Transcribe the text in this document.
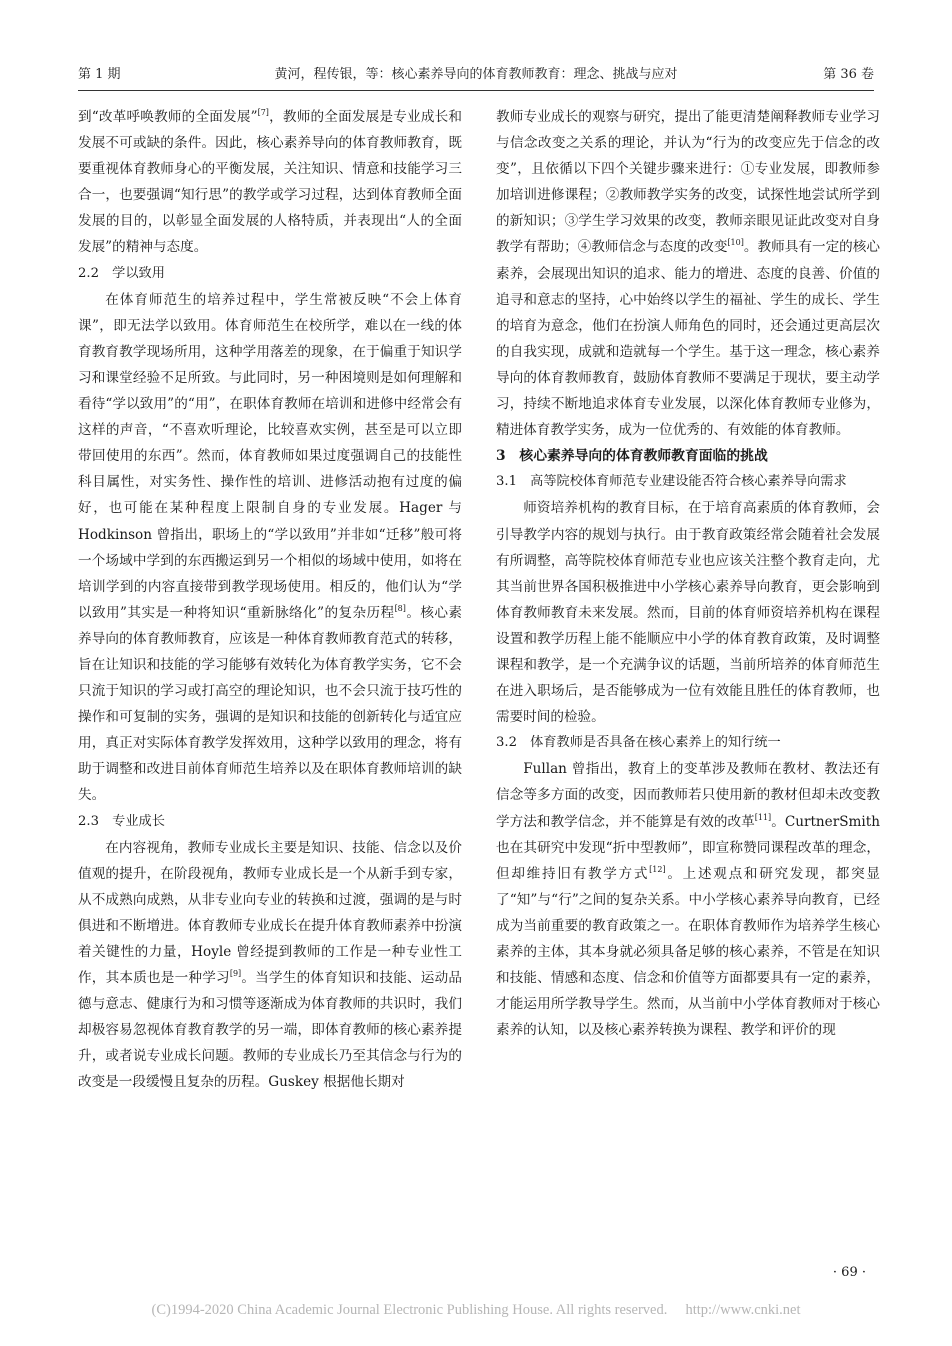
第 1 期	黄河，程传银，等：核心素养导向的体育教师教育：理念、挑战与应对	第 36 卷

到“改革呼唤教师的全面发展”[7]，教师的全面发展是专业成长和发展不可或缺的条件。因此，核心素养导向的体育教师教育，既要重视体育教师身心的平衡发展，关注知识、情意和技能学习三合一，也要强调“知行思”的教学或学习过程，达到体育教师全面发展的目的，以彰显全面发展的人格特质，并表现出“人的全面发展”的精神与态度。

2.2　学以致用

在体育师范生的培养过程中，学生常被反映“不会上体育课”，即无法学以致用。体育师范生在校所学，难以在一线的体育教育教学现场所用，这种学用落差的现象，在于偏重于知识学习和课堂经验不足所致。与此同时，另一种困境则是如何理解和看待“学以致用”的“用”，在职体育教师在培训和进修中经常会有这样的声音，“不喜欢听理论，比较喜欢实例，甚至是可以立即带回使用的东西”。然而，体育教师如果过度强调自己的技能性科目属性，对实务性、操作性的培训、进修活动抱有过度的偏好，也可能在某种程度上限制自身的专业发展。Hager 与 Hodkinson 曾指出，职场上的“学以致用”并非如“迁移”般可将一个场域中学到的东西搬运到另一个相似的场域中使用，如将在培训学到的内容直接带到教学现场使用。相反的，他们认为“学以致用”其实是一种将知识“重新脉络化”的复杂历程[8]。核心素养导向的体育教师教育，应该是一种体育教师教育范式的转移，旨在让知识和技能的学习能够有效转化为体育教学实务，它不会只流于知识的学习或打高空的理论知识，也不会只流于技巧性的操作和可复制的实务，强调的是知识和技能的创新转化与适宜应用，真正对实际体育教学发挥效用，这种学以致用的理念，将有助于调整和改进目前体育师范生培养以及在职体育教师培训的缺失。

2.3　专业成长

在内容视角，教师专业成长主要是知识、技能、信念以及价值观的提升，在阶段视角，教师专业成长是一个从新手到专家，从不成熟向成熟，从非专业向专业的转换和过渡，强调的是与时俱进和不断增进。体育教师专业成长在提升体育教师素养中扮演着关键性的力量，Hoyle 曾经提到教师的工作是一种专业性工作，其本质也是一种学习[9]。当学生的体育知识和技能、运动品德与意志、健康行为和习惯等逐渐成为体育教师的共识时，我们却极容易忽视体育教育教学的另一端，即体育教师的核心素养提升，或者说专业成长问题。教师的专业成长乃至其信念与行为的改变是一段缓慢且复杂的历程。Guskey 根据他长期对

教师专业成长的观察与研究，提出了能更清楚阐释教师专业学习与信念改变之关系的理论，并认为“行为的改变应先于信念的改变”，且依循以下四个关键步骤来进行：①专业发展，即教师参加培训进修课程；②教师教学实务的改变，试探性地尝试所学到的新知识；③学生学习效果的改变，教师亲眼见证此改变对自身教学有帮助；④教师信念与态度的改变[10]。教师具有一定的核心素养，会展现出知识的追求、能力的增进、态度的良善、价值的追寻和意志的坚持，心中始终以学生的福祉、学生的成长、学生的培育为意念，他们在扮演人师角色的同时，还会通过更高层次的自我实现，成就和造就每一个学生。基于这一理念，核心素养导向的体育教师教育，鼓励体育教师不要满足于现状，要主动学习，持续不断地追求体育专业发展，以深化体育教师专业修为，精进体育教学实务，成为一位优秀的、有效能的体育教师。

3　核心素养导向的体育教师教育面临的挑战

3.1　高等院校体育师范专业建设能否符合核心素养导向需求

师资培养机构的教育目标，在于培育高素质的体育教师，会引导教学内容的规划与执行。由于教育政策经常会随着社会发展有所调整，高等院校体育师范专业也应该关注整个教育走向，尤其当前世界各国积极推进中小学核心素养导向教育，更会影响到体育教师教育未来发展。然而，目前的体育师资培养机构在课程设置和教学历程上能不能顺应中小学的体育教育政策，及时调整课程和教学，是一个充满争议的话题，当前所培养的体育师范生在进入职场后，是否能够成为一位有效能且胜任的体育教师，也需要时间的检验。

3.2　体育教师是否具备在核心素养上的知行统一

Fullan 曾指出，教育上的变革涉及教师在教材、教法还有信念等多方面的改变，因而教师若只使用新的教材但却未改变教学方法和教学信念，并不能算是有效的改革[11]。CurtnerSmith 也在其研究中发现“折中型教师”，即宣称赞同课程改革的理念，但却维持旧有教学方式[12]。上述观点和研究发现，都突显了“知”与“行”之间的复杂关系。中小学核心素养导向教育，已经成为当前重要的教育政策之一。在职体育教师作为培养学生核心素养的主体，其本身就必须具备足够的核心素养，不管是在知识和技能、情感和态度、信念和价值等方面都要具有一定的素养，才能运用所学教导学生。然而，从当前中小学体育教师对于核心素养的认知，以及核心素养转换为课程、教学和评价的现

· 69 ·
(C)1994-2020 China Academic Journal Electronic Publishing House. All rights reserved.　 http://www.cnki.net
